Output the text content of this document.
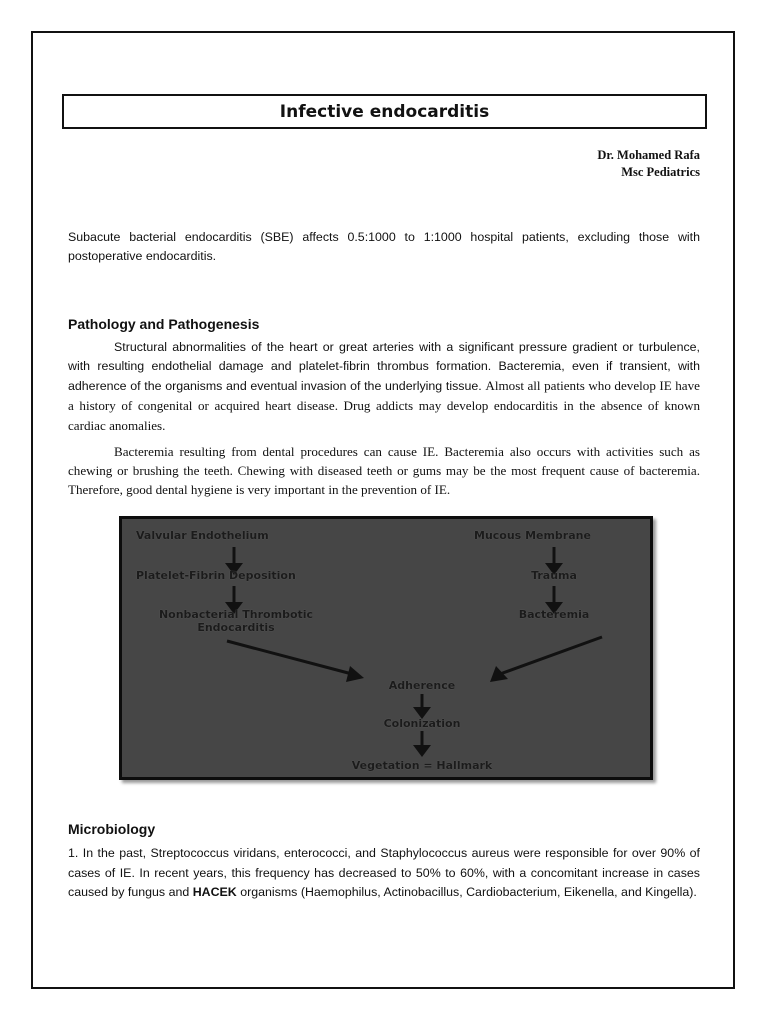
Infective endocarditis
Dr. Mohamed Rafa
Msc Pediatrics

Subacute bacterial endocarditis (SBE) affects 0.5:1000 to 1:1000 hospital patients, excluding those with postoperative endocarditis.

Pathology and Pathogenesis
Structural abnormalities of the heart or great arteries with a significant pressure gradient or turbulence, with resulting endothelial damage and platelet-fibrin thrombus formation. Bacteremia, even if transient, with adherence of the organisms and eventual invasion of the underlying tissue. Almost all patients who develop IE have a history of congenital or acquired heart disease. Drug addicts may develop endocarditis in the absence of known cardiac anomalies.

Bacteremia resulting from dental procedures can cause IE. Bacteremia also occurs with activities such as chewing or brushing the teeth. Chewing with diseased teeth or gums may be the most frequent cause of bacteremia. Therefore, good dental hygiene is very important in the prevention of IE.

Valvular Endothelium
Platelet-Fibrin Deposition
Nonbacterial Thrombotic
Endocarditis
Mucous Membrane
Trauma
Bacteremia
Adherence
Colonization
Vegetation = Hallmark
Microbiology

1. In the past, Streptococcus viridans, enterococci, and Staphylococcus aureus were responsible for over 90% of cases of IE. In recent years, this frequency has decreased to 50% to 60%, with a concomitant increase in cases caused by fungus and HACEK organisms (Haemophilus, Actinobacillus, Cardiobacterium, Eikenella, and Kingella).
